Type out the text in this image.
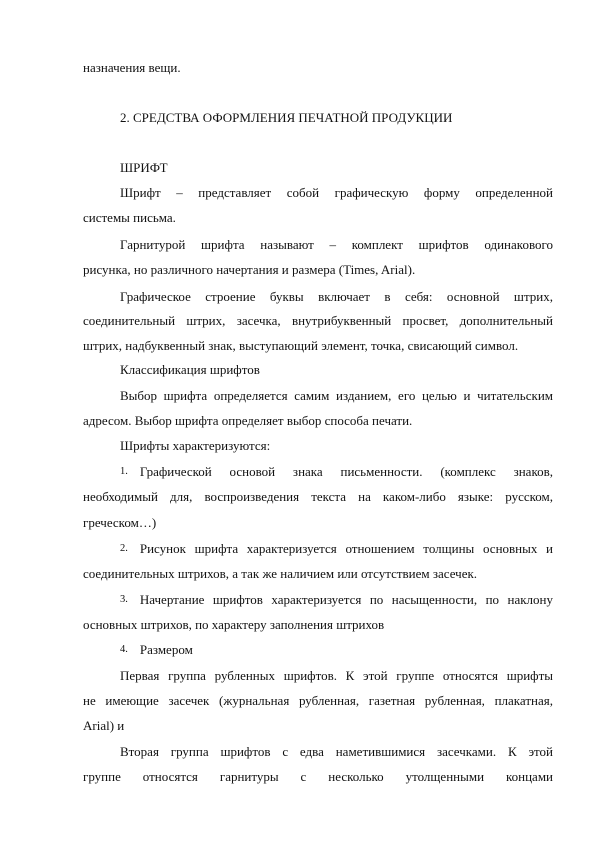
назначения вещи.
2. СРЕДСТВА ОФОРМЛЕНИЯ ПЕЧАТНОЙ ПРОДУКЦИИ
ШРИФТ
Шрифт – представляет собой графическую форму определенной
системы письма.
Гарнитурой шрифта называют – комплект шрифтов одинакового
рисунка, но различного начертания и размера (Times, Arial).
Графическое строение буквы включает в себя: основной штрих,
соединительный штрих, засечка, внутрибуквенный просвет, дополнительный
штрих, надбуквенный знак, выступающий элемент, точка, свисающий символ.
Классификация шрифтов
Выбор шрифта определяется самим изданием, его целью и читательским
адресом. Выбор шрифта определяет выбор способа печати.
Шрифты характеризуются:
1. Графической основой знака письменности. (комплекс знаков,
необходимый для, воспроизведения текста на каком-либо языке: русском,
греческом…)
2. Рисунок шрифта характеризуется отношением толщины основных и
соединительных штрихов, а так же наличием или отсутствием засечек.
3. Начертание шрифтов характеризуется по насыщенности, по наклону
основных штрихов, по характеру заполнения штрихов
4. Размером
Первая группа рубленных шрифтов. К этой группе относятся шрифты
не имеющие засечек (журнальная рубленная, газетная рубленная, плакатная,
Arial) и
Вторая группа шрифтов с едва наметившимися засечками. К этой
группе относятся гарнитуры с несколько утолщенными концами
